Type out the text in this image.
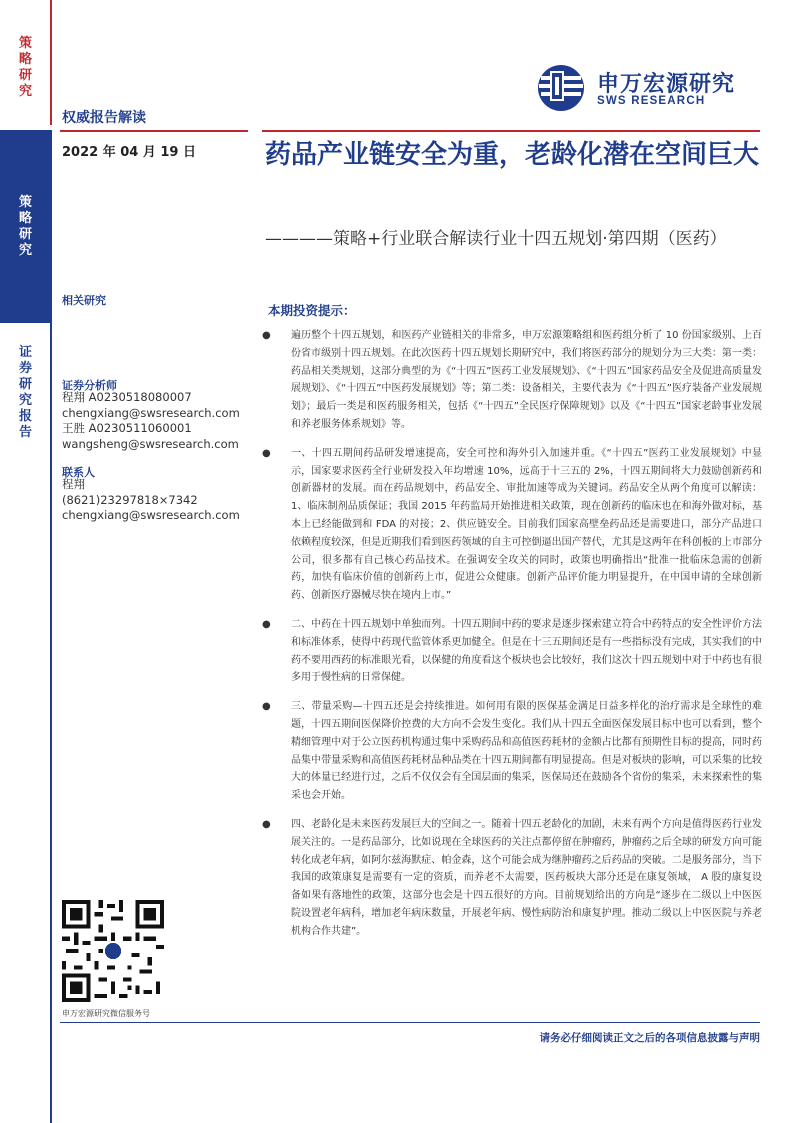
策略研究
策略研究
证券研究报告
申万宏源研究
SWS RESEARCH
权威报告解读
2022 年 04 月 19 日	药品产业链安全为重，老龄化潜在空间巨大
————策略+行业联合解读行业十四五规划·第四期（医药）
相关研究
证券分析师
程翔 A0230518080007
chengxiang@swsresearch.com
王胜 A0230511060001
wangsheng@swsresearch.com
联系人
程翔
(8621)23297818×7342
chengxiang@swsresearch.com
本期投资提示：
● 遍历整个十四五规划，和医药产业链相关的非常多，申万宏源策略组和医药组分析了 10 份国家级别、上百份省市级别十四五规划。在此次医药十四五规划长期研究中，我们将医药部分的规划分为三大类：第一类：药品相关类规划，这部分典型的为《“十四五”医药工业发展规划》、《“十四五”国家药品安全及促进高质量发展规划》、《“十四五”中医药发展规划》等；第二类：设备相关，主要代表为《“十四五”医疗装备产业发展规划》；最后一类是和医药服务相关，包括《“十四五”全民医疗保障规划》以及《“十四五”国家老龄事业发展和养老服务体系规划》等。
● 一、十四五期间药品研发增速提高，安全可控和海外引入加速并重。《“十四五”医药工业发展规划》中显示，国家要求医药全行业研发投入年均增速 10%，远高于十三五的 2%，十四五期间将大力鼓励创新药和创新器材的发展。而在药品规划中，药品安全、审批加速等成为关键词。药品安全从两个角度可以解读：1、临床制剂品质保证；我国 2015 年药监局开始推进相关政策，现在创新药的临床也在和海外做对标，基本上已经能做到和 FDA 的对接；2、供应链安全。目前我们国家高壁垒药品还是需要进口，部分产品进口依赖程度较深，但是近期我们看到医药领域的自主可控倒逼出国产替代，尤其是这两年在科创板的上市部分公司，很多都有自己核心药品技术。在强调安全攻关的同时，政策也明确指出“批准一批临床急需的创新药，加快有临床价值的创新药上市，促进公众健康。创新产品评价能力明显提升，在中国申请的全球创新药、创新医疗器械尽快在境内上市。”
● 二、中药在十四五规划中单独而列。十四五期间中药的要求是逐步探索建立符合中药特点的安全性评价方法和标准体系，使得中药现代监管体系更加健全。但是在十三五期间还是有一些指标没有完成，其实我们的中药不要用西药的标准眼光看，以保健的角度看这个板块也会比较好，我们这次十四五规划中对于中药也有很多用于慢性病的日常保健。
● 三、带量采购—十四五还是会持续推进。如何用有限的医保基金满足日益多样化的治疗需求是全球性的难题，十四五期间医保降价控费的大方向不会发生变化。我们从十四五全面医保发展目标中也可以看到，整个精细管理中对于公立医药机构通过集中采购药品和高值医药耗材的金额占比都有预期性目标的提高，同时药品集中带量采购和高值医药耗材品种品类在十四五期间都有明显提高。但是对板块的影响，可以采集的比较大的体量已经进行过，之后不仅仅会有全国层面的集采，医保局还在鼓励各个省份的集采，未来探索性的集采也会开始。
● 四、老龄化是未来医药发展巨大的空间之一。随着十四五老龄化的加剧，未来有两个方向是值得医药行业发展关注的。一是药品部分，比如说现在全球医药的关注点都停留在肿瘤药，肿瘤药之后全球的研发方向可能转化成老年病，如阿尔兹海默症、帕金森，这个可能会成为继肿瘤药之后药品的突破。二是服务部分，当下我国的政策康复是需要有一定的资质，而养老不太需要，医药板块大部分还是在康复领域， A 股的康复设备如果有落地性的政策，这部分也会是十四五很好的方向。目前规划给出的方向是“逐步在二级以上中医医院设置老年病科，增加老年病床数量，开展老年病、慢性病防治和康复护理。推动二级以上中医医院与养老机构合作共建”。
申万宏源研究微信服务号
请务必仔细阅读正文之后的各项信息披露与声明
